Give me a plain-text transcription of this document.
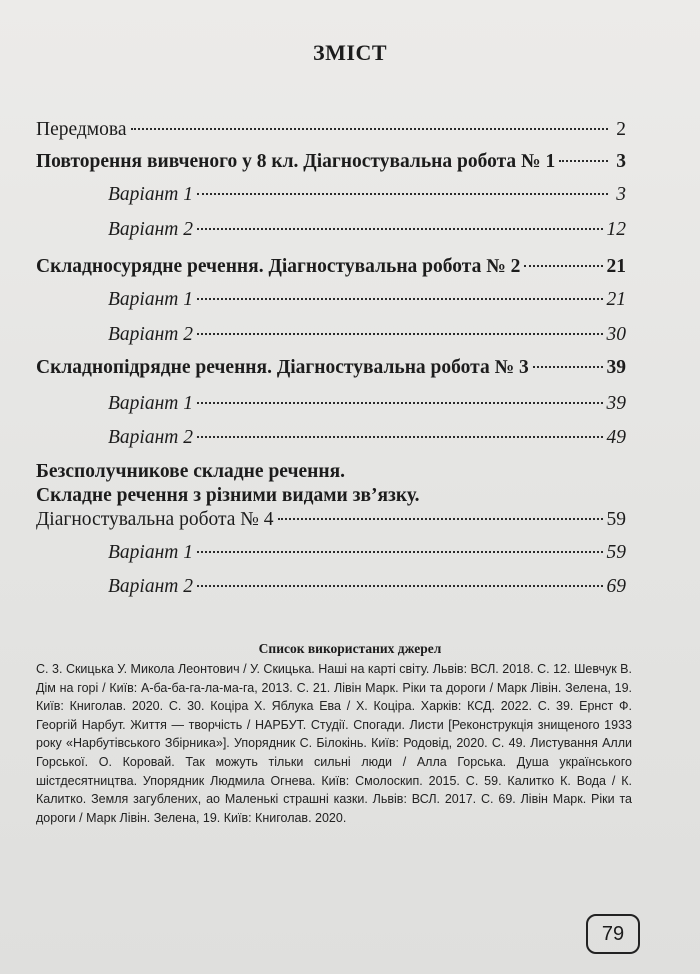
ЗМІСТ
Передмова	2
Повторення вивченого у 8 кл. Діагностувальна робота № 1	3
Варіант 1	3
Варіант 2	12
Складносурядне речення. Діагностувальна робота № 2	21
Варіант 1	21
Варіант 2	30
Складнопідрядне речення. Діагностувальна робота № 3	39
Варіант 1	39
Варіант 2	49
Безсполучникове складне речення.
Складне речення з різними видами зв’язку.
Діагностувальна робота № 4	59
Варіант 1	59
Варіант 2	69
Список використаних джерел
С. 3. Скицька У. Микола Леонтович / У. Скицька. Наші на карті світу. Львів: ВСЛ. 2018. С. 12. Шевчук В. Дім на горі / Київ: А-ба-ба-га-ла-ма-га, 2013. С. 21. Лівін Марк. Ріки та дороги / Марк Лівін. Зелена, 19. Київ: Книголав. 2020. С. 30. Коціра Х. Яблука Ева / Х. Коціра. Харків: КСД. 2022. С. 39. Ернст Ф. Георгій Нарбут. Життя — творчість / НАРБУТ. Студії. Спогади. Листи [Реконструкція знищеного 1933 року «Нарбутівського Збірника»]. Упорядник С. Білокінь. Київ: Родовід, 2020. С. 49. Листування Алли Горської. О. Коровай. Так можуть тільки сильні люди / Алла Горська. Душа українського шістдесятництва. Упорядник Людмила Огнева. Київ: Смолоскип. 2015. С. 59. Калитко К. Вода / К. Калитко. Земля загублених, ао Маленькі страшні казки. Львів: ВСЛ. 2017. С. 69. Лівін Марк. Ріки та дороги / Марк Лівін. Зелена, 19. Київ: Книголав. 2020.
79
